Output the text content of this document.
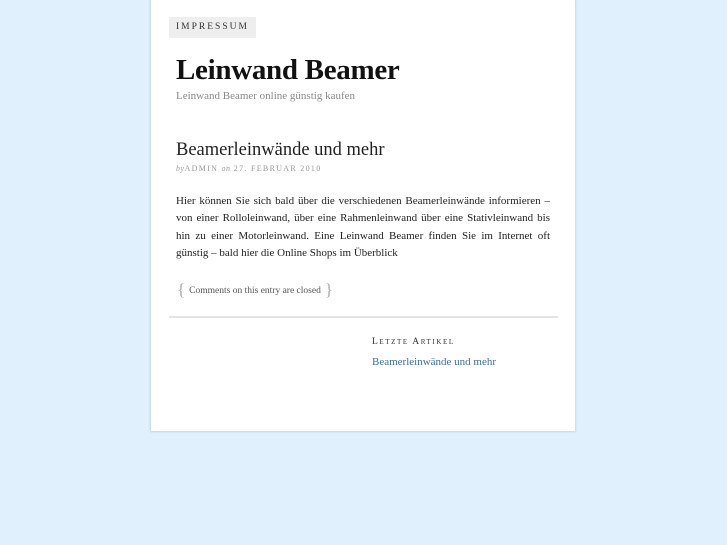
IMPRESSUM
Leinwand Beamer
Leinwand Beamer online günstig kaufen
Beamerleinwände und mehr
byADMIN on 27. FEBRUAR 2010
Hier können Sie sich bald über die verschiedenen Beamerleinwände informieren – von einer Rolloleinwand, über eine Rahmenleinwand über eine Stativleinwand bis hin zu einer Motorleinwand. Eine Leinwand Beamer finden Sie im Internet oft günstig – bald hier die Online Shops im Überblick
{ Comments on this entry are closed }
Letzte Artikel
Beamerleinwände und mehr
